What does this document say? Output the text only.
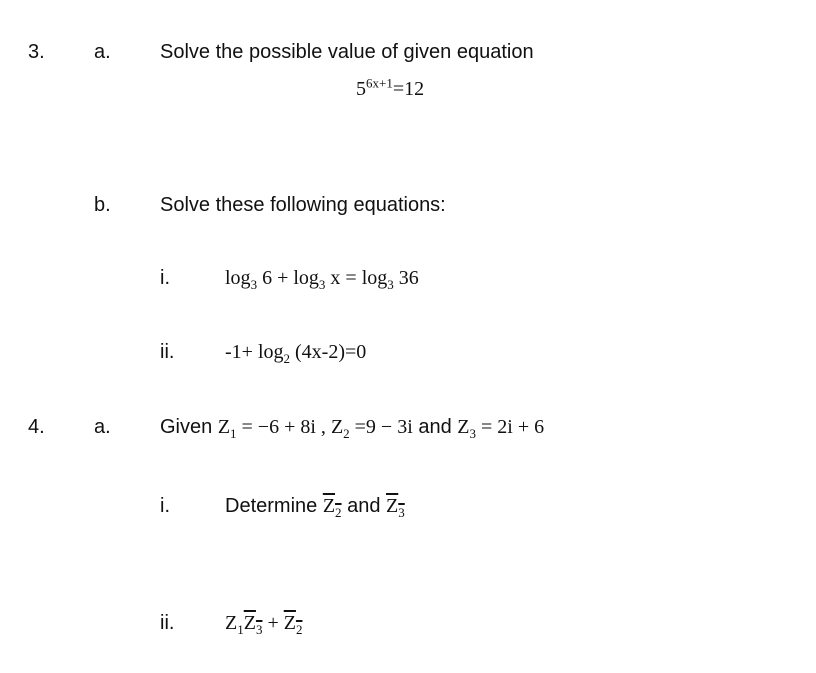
3. a. Solve the possible value of given equation
$5^{6x+1}=12$
b. Solve these following equations:
i.	$\log_3 6 + \log_3 x = \log_3 36$
ii.	$-1+ \log_2 (4x-2)=0$
4. a. Given $Z_1 = -6 + 8i$ , $Z_2 =9 - 3i$ and $Z_3 = 2i + 6$
i.	Determine $Z_2$ and $Z_3$
ii.	$Z_1Z_3 + Z_2$
